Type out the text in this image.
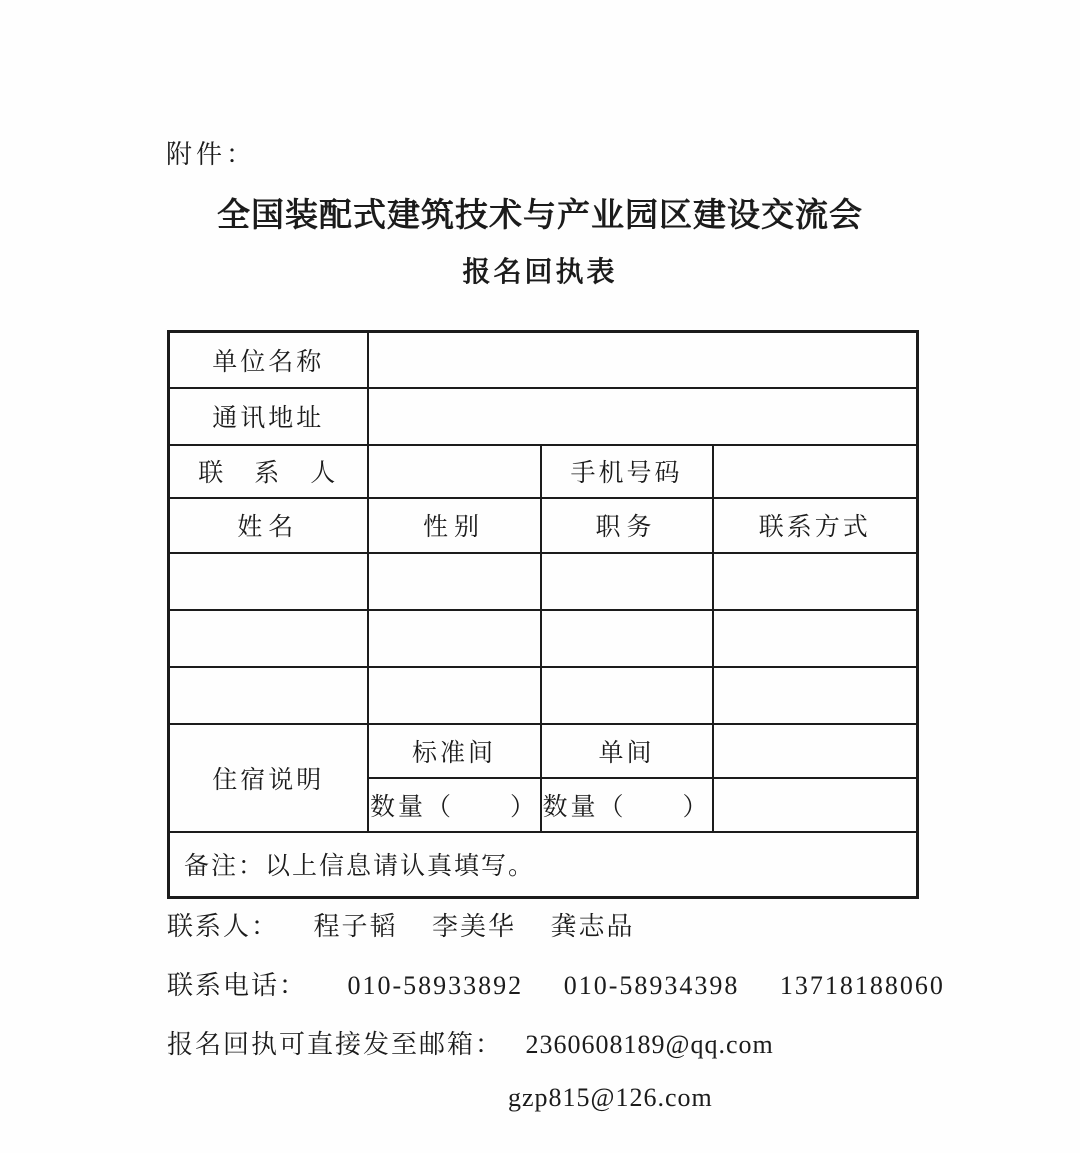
附件：
全国装配式建筑技术与产业园区建设交流会
报名回执表
单位名称			
通讯地址			
联　系　人		手机号码	
姓名	性别	职务	联系方式

住宿说明	标准间	单间	
	数量（　　）	数量（　　）	
备注：以上信息请认真填写。			
联系人： 程子韬 李美华 龚志品
联系电话： 010-58933892 010-58934398 13718188060
报名回执可直接发至邮箱： 2360608189@qq.com
gzp815@126.com
